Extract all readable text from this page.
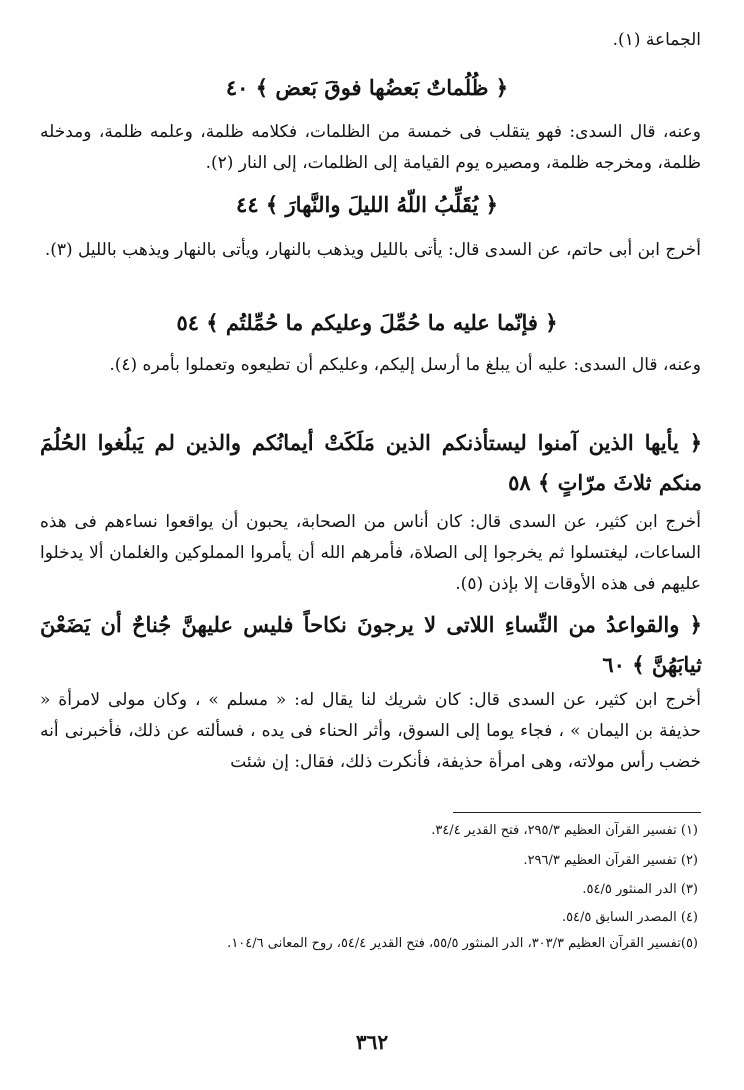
الجماعة (١).
﴿ ظُلُماتٌ بَعضُها فوقَ بَعض ﴾ ٤٠
وعنه، قال السدى: فهو يتقلب فى خمسة من الظلمات، فكلامه ظلمة، وعلمه ظلمة، ومدخله ظلمة، ومخرجه ظلمة، ومصيره يوم القيامة إلى الظلمات، إلى النار (٢).
﴿ يُقَلِّبُ اللّهُ الليلَ والنَّهارَ ﴾ ٤٤
أخرج ابن أبى حاتم، عن السدى قال: يأتى بالليل ويذهب بالنهار، ويأتى بالنهار ويذهب بالليل (٣).
﴿ فإنّما عليه ما حُمِّلَ وعليكم ما حُمِّلتُم ﴾ ٥٤
وعنه، قال السدى: عليه أن يبلغ ما أرسل إليكم، وعليكم أن تطيعوه وتعملوا بأمره (٤).
﴿ يأيها الذين آمنوا ليستأذنكم الذين مَلَكَتْ أيمانُكم والذين لم يَبلُغوا الحُلُمَ منكم ثلاثَ مرّاتٍ ﴾ ٥٨
أخرج ابن كثير، عن السدى قال: كان أناس من الصحابة، يحبون أن يواقعوا نساءهم فى هذه الساعات، ليغتسلوا ثم يخرجوا إلى الصلاة، فأمرهم الله أن يأمروا المملوكين والغلمان ألا يدخلوا عليهم فى هذه الأوقات إلا بإذن (٥).
﴿ والقواعدُ من النِّساءِ اللاتى لا يرجونَ نكاحاً فليس عليهنَّ جُناحٌ أن يَضَعْنَ ثيابَهُنَّ ﴾ ٦٠
أخرج ابن كثير، عن السدى قال: كان شريك لنا يقال له: « مسلم » ، وكان مولى لامرأة « حذيفة بن اليمان » ، فجاء يوما إلى السوق، وأثر الحناء فى يده ، فسألته عن ذلك، فأخبرنى أنه خضب رأس مولاته، وهى امرأة حذيفة، فأنكرت ذلك، فقال: إن شئت
(١) تفسير القرآن العظيم ٢٩٥/٣، فتح القدير ٣٤/٤.
(٢) تفسير القرآن العظيم ٢٩٦/٣.
(٣) الدر المنثور ٥٤/٥.
(٤) المصدر السابق ٥٤/٥.
(٥)تفسير القرآن العظيم ٣٠٣/٣، الدر المنثور ٥٥/٥، فتح القدير ٥٤/٤، روح المعانى ١٠٤/٦.
٣٦٢
